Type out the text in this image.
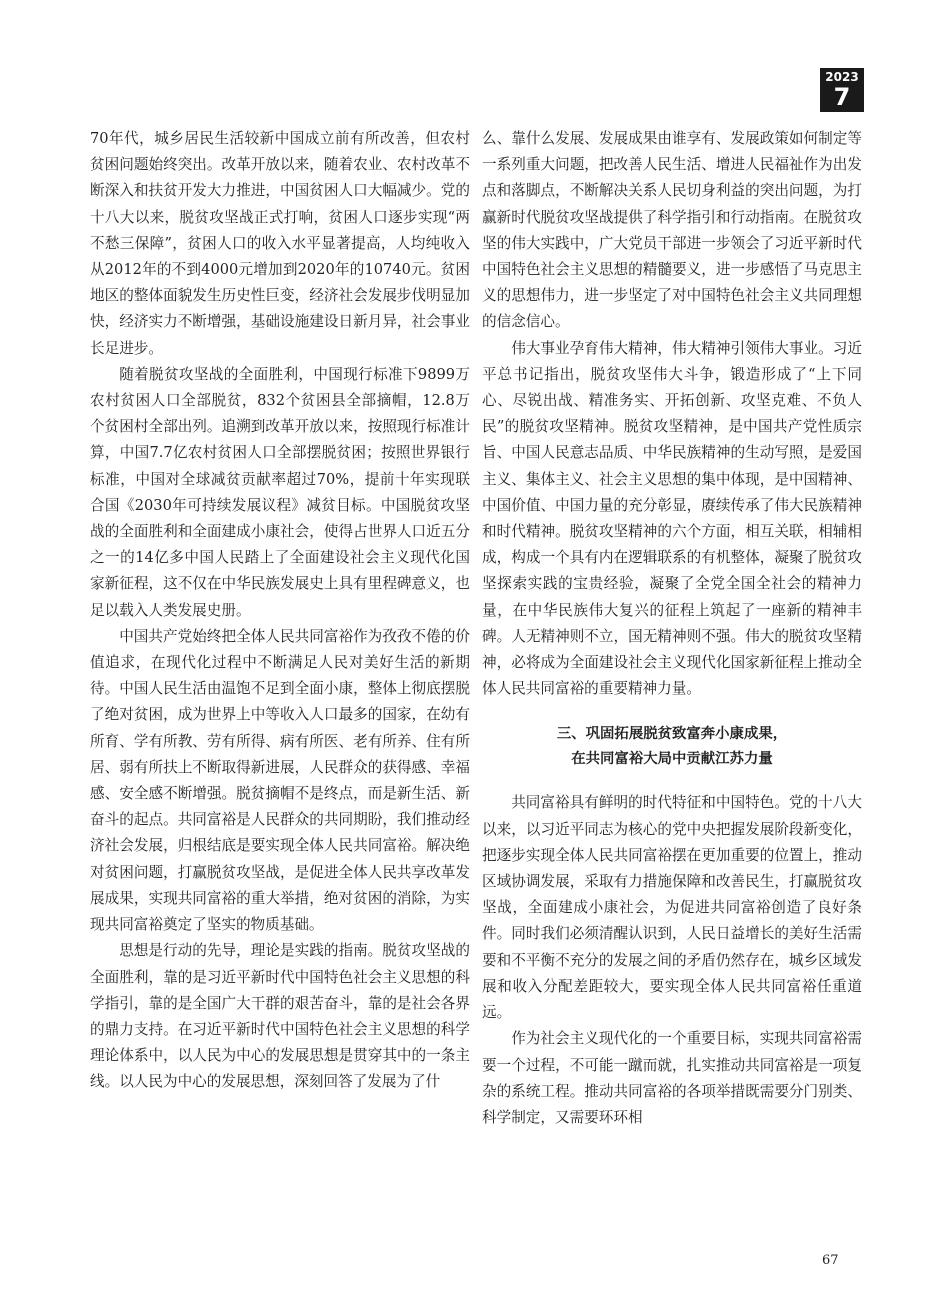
2023
7

70年代，城乡居民生活较新中国成立前有所改善，但农村贫困问题始终突出。改革开放以来，随着农业、农村改革不断深入和扶贫开发大力推进，中国贫困人口大幅减少。党的十八大以来，脱贫攻坚战正式打响，贫困人口逐步实现“两不愁三保障”，贫困人口的收入水平显著提高，人均纯收入从2012年的不到4000元增加到2020年的10740元。贫困地区的整体面貌发生历史性巨变，经济社会发展步伐明显加快，经济实力不断增强，基础设施建设日新月异，社会事业长足进步。

随着脱贫攻坚战的全面胜利，中国现行标准下9899万农村贫困人口全部脱贫，832个贫困县全部摘帽，12.8万个贫困村全部出列。追溯到改革开放以来，按照现行标准计算，中国7.7亿农村贫困人口全部摆脱贫困；按照世界银行标准，中国对全球减贫贡献率超过70%，提前十年实现联合国《2030年可持续发展议程》减贫目标。中国脱贫攻坚战的全面胜利和全面建成小康社会，使得占世界人口近五分之一的14亿多中国人民踏上了全面建设社会主义现代化国家新征程，这不仅在中华民族发展史上具有里程碑意义，也足以载入人类发展史册。

中国共产党始终把全体人民共同富裕作为孜孜不倦的价值追求，在现代化过程中不断满足人民对美好生活的新期待。中国人民生活由温饱不足到全面小康，整体上彻底摆脱了绝对贫困，成为世界上中等收入人口最多的国家，在幼有所育、学有所教、劳有所得、病有所医、老有所养、住有所居、弱有所扶上不断取得新进展，人民群众的获得感、幸福感、安全感不断增强。脱贫摘帽不是终点，而是新生活、新奋斗的起点。共同富裕是人民群众的共同期盼，我们推动经济社会发展，归根结底是要实现全体人民共同富裕。解决绝对贫困问题，打赢脱贫攻坚战，是促进全体人民共享改革发展成果，实现共同富裕的重大举措，绝对贫困的消除，为实现共同富裕奠定了坚实的物质基础。

思想是行动的先导，理论是实践的指南。脱贫攻坚战的全面胜利，靠的是习近平新时代中国特色社会主义思想的科学指引，靠的是全国广大干群的艰苦奋斗，靠的是社会各界的鼎力支持。在习近平新时代中国特色社会主义思想的科学理论体系中，以人民为中心的发展思想是贯穿其中的一条主线。以人民为中心的发展思想，深刻回答了发展为了什

么、靠什么发展、发展成果由谁享有、发展政策如何制定等一系列重大问题，把改善人民生活、增进人民福祉作为出发点和落脚点，不断解决关系人民切身利益的突出问题，为打赢新时代脱贫攻坚战提供了科学指引和行动指南。在脱贫攻坚的伟大实践中，广大党员干部进一步领会了习近平新时代中国特色社会主义思想的精髓要义，进一步感悟了马克思主义的思想伟力，进一步坚定了对中国特色社会主义共同理想的信念信心。

伟大事业孕育伟大精神，伟大精神引领伟大事业。习近平总书记指出，脱贫攻坚伟大斗争，锻造形成了“上下同心、尽锐出战、精准务实、开拓创新、攻坚克难、不负人民”的脱贫攻坚精神。脱贫攻坚精神，是中国共产党性质宗旨、中国人民意志品质、中华民族精神的生动写照，是爱国主义、集体主义、社会主义思想的集中体现，是中国精神、中国价值、中国力量的充分彰显，赓续传承了伟大民族精神和时代精神。脱贫攻坚精神的六个方面，相互关联，相辅相成，构成一个具有内在逻辑联系的有机整体，凝聚了脱贫攻坚探索实践的宝贵经验，凝聚了全党全国全社会的精神力量，在中华民族伟大复兴的征程上筑起了一座新的精神丰碑。人无精神则不立，国无精神则不强。伟大的脱贫攻坚精神，必将成为全面建设社会主义现代化国家新征程上推动全体人民共同富裕的重要精神力量。

三、巩固拓展脱贫致富奔小康成果，
在共同富裕大局中贡献江苏力量

共同富裕具有鲜明的时代特征和中国特色。党的十八大以来，以习近平同志为核心的党中央把握发展阶段新变化，把逐步实现全体人民共同富裕摆在更加重要的位置上，推动区域协调发展，采取有力措施保障和改善民生，打赢脱贫攻坚战，全面建成小康社会，为促进共同富裕创造了良好条件。同时我们必须清醒认识到，人民日益增长的美好生活需要和不平衡不充分的发展之间的矛盾仍然存在，城乡区域发展和收入分配差距较大，要实现全体人民共同富裕任重道远。

作为社会主义现代化的一个重要目标，实现共同富裕需要一个过程，不可能一蹴而就，扎实推动共同富裕是一项复杂的系统工程。推动共同富裕的各项举措既需要分门别类、科学制定，又需要环环相

67
